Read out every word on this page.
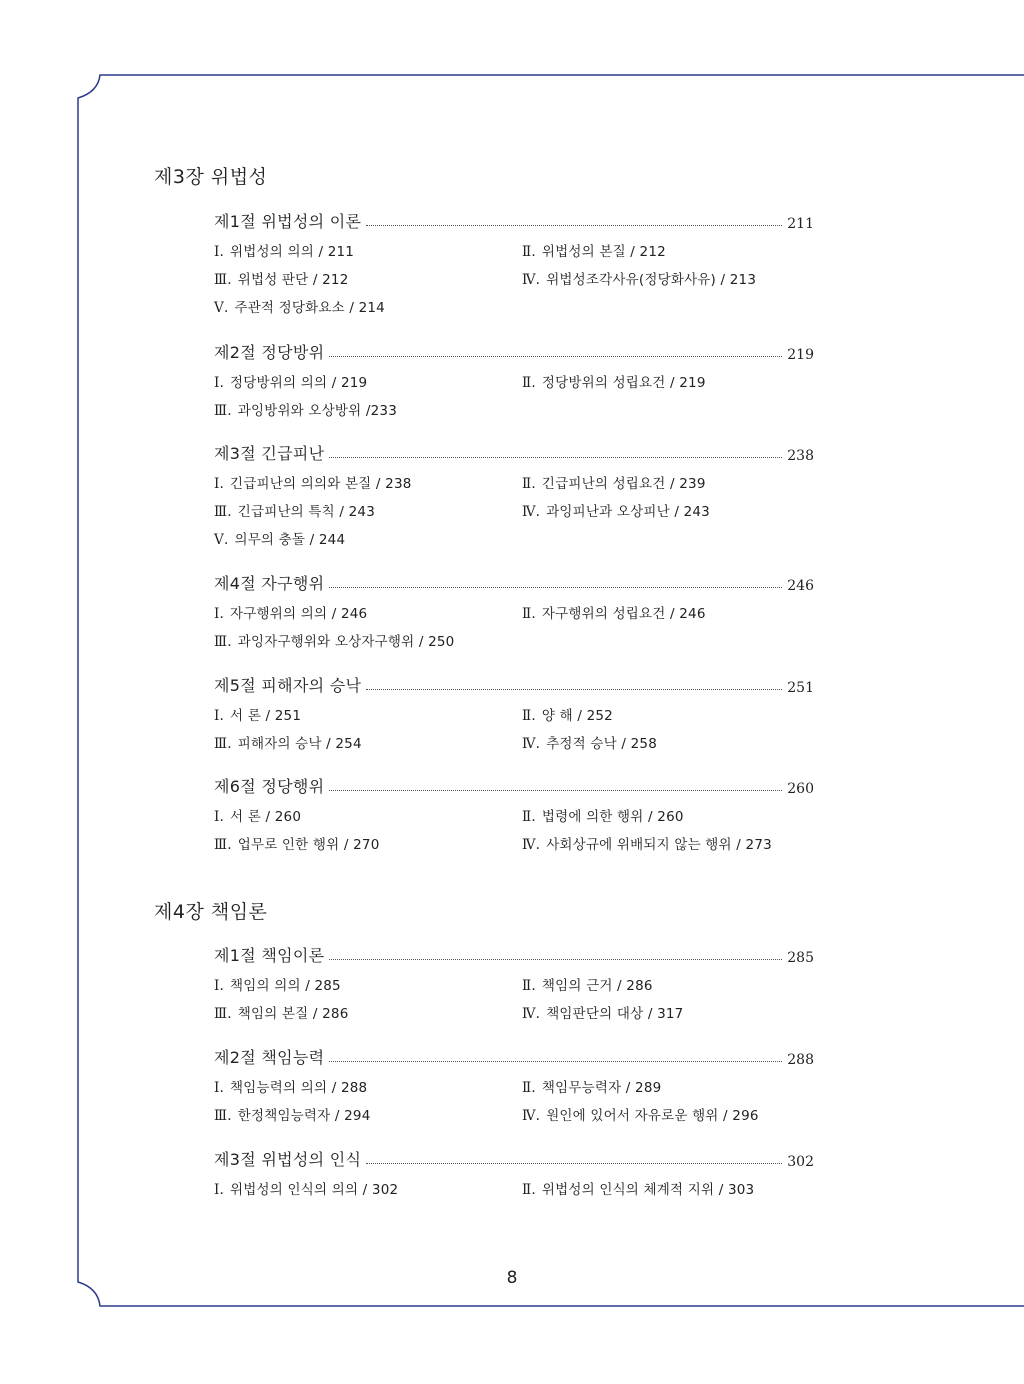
제3장 위법성
제1절 위법성의 이론	211
Ⅰ. 위법성의 의의 / 211	Ⅱ. 위법성의 본질 / 212
Ⅲ. 위법성 판단 / 212	Ⅳ. 위법성조각사유(정당화사유) / 213
Ⅴ. 주관적 정당화요소 / 214
제2절 정당방위	219
Ⅰ. 정당방위의 의의 / 219	Ⅱ. 정당방위의 성립요건 / 219
Ⅲ. 과잉방위와 오상방위 /233
제3절 긴급피난	238
Ⅰ. 긴급피난의 의의와 본질 / 238	Ⅱ. 긴급피난의 성립요건 / 239
Ⅲ. 긴급피난의 특칙 / 243	Ⅳ. 과잉피난과 오상피난 / 243
Ⅴ. 의무의 충돌 / 244
제4절 자구행위	246
Ⅰ. 자구행위의 의의 / 246	Ⅱ. 자구행위의 성립요건 / 246
Ⅲ. 과잉자구행위와 오상자구행위 / 250
제5절 피해자의 승낙	251
Ⅰ. 서 론 / 251	Ⅱ. 양 해 / 252
Ⅲ. 피해자의 승낙 / 254	Ⅳ. 추정적 승낙 / 258
제6절 정당행위	260
Ⅰ. 서 론 / 260	Ⅱ. 법령에 의한 행위 / 260
Ⅲ. 업무로 인한 행위 / 270	Ⅳ. 사회상규에 위배되지 않는 행위 / 273
제4장 책임론
제1절 책임이론	285
Ⅰ. 책임의 의의 / 285	Ⅱ. 책임의 근거 / 286
Ⅲ. 책임의 본질 / 286	Ⅳ. 책임판단의 대상 / 317
제2절 책임능력	288
Ⅰ. 책임능력의 의의 / 288	Ⅱ. 책임무능력자 / 289
Ⅲ. 한정책임능력자 / 294	Ⅳ. 원인에 있어서 자유로운 행위 / 296
제3절 위법성의 인식	302
Ⅰ. 위법성의 인식의 의의 / 302	Ⅱ. 위법성의 인식의 체계적 지위 / 303
8
